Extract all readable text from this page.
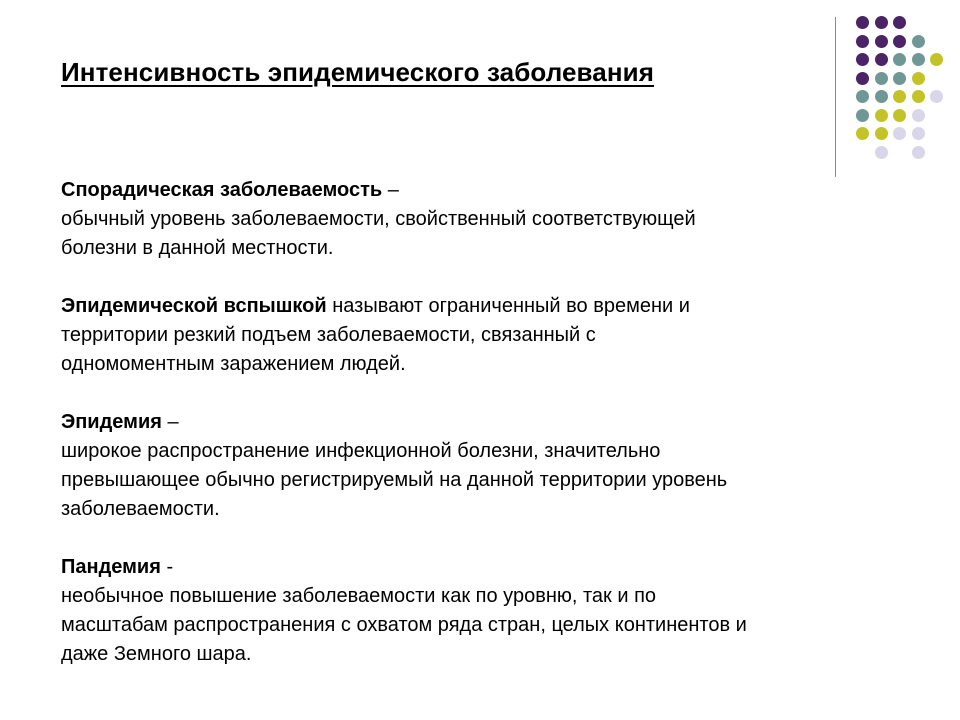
Интенсивность эпидемического заболевания

Спорадическая заболеваемость –

обычный уровень заболеваемости, свойственный соответствующей

болезни в данной местности.

Эпидемической вспышкой называют ограниченный во времени и

территории резкий подъем заболеваемости, связанный с

одномоментным заражением людей.

Эпидемия –

широкое распространение инфекционной болезни, значительно

превышающее обычно регистрируемый на данной территории уровень

заболеваемости.

Пандемия -

необычное повышение заболеваемости как по уровню, так и по

масштабам распространения с охватом ряда стран, целых континентов и

даже Земного шара.
